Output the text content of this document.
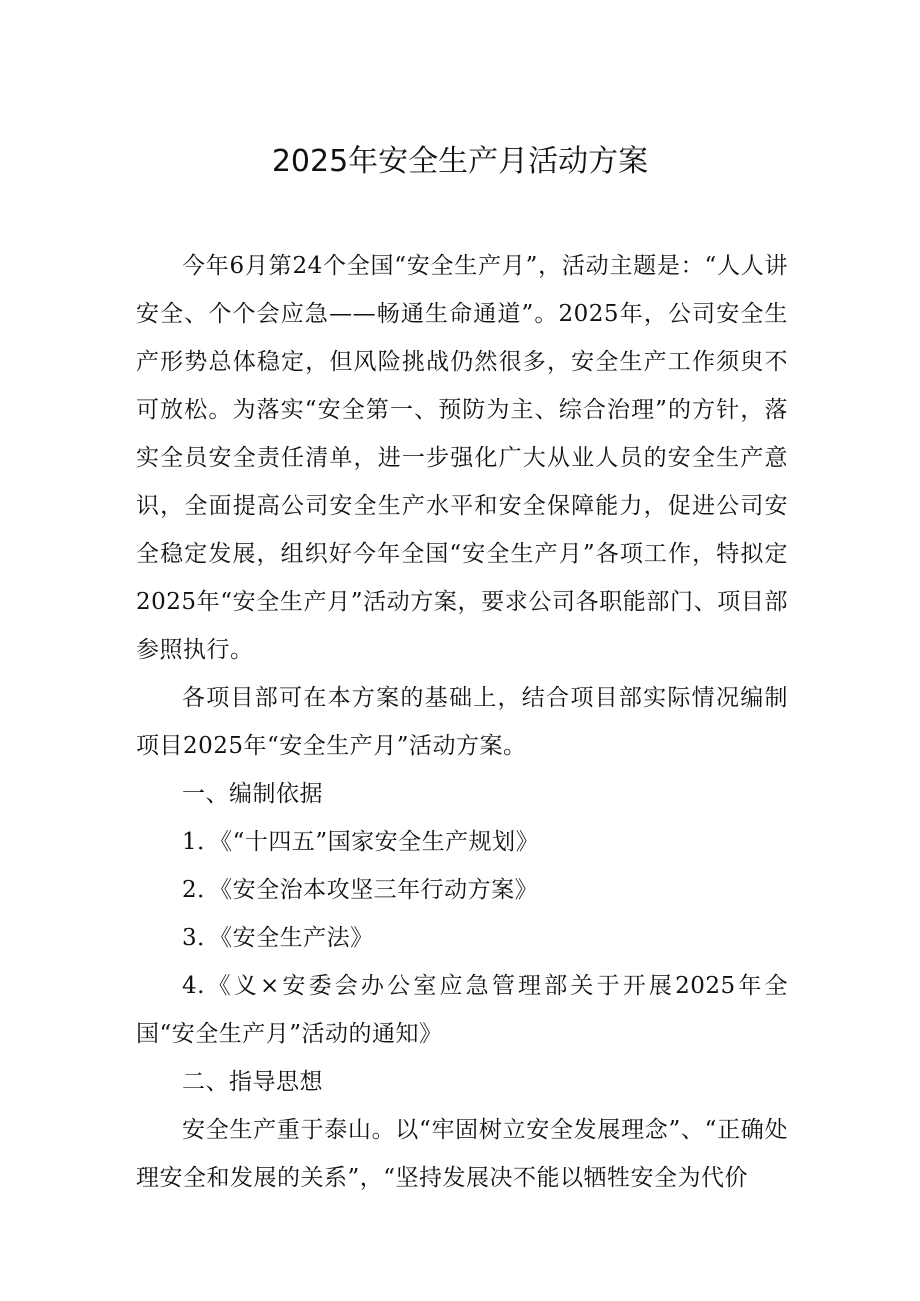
2025年安全生产月活动方案

今年6月第24个全国“安全生产月”，活动主题是：“人人讲安全、个个会应急——畅通生命通道”。2025年，公司安全生产形势总体稳定，但风险挑战仍然很多，安全生产工作须臾不可放松。为落实“安全第一、预防为主、综合治理”的方针，落实全员安全责任清单，进一步强化广大从业人员的安全生产意识，全面提高公司安全生产水平和安全保障能力，促进公司安全稳定发展，组织好今年全国“安全生产月”各项工作，特拟定2025年“安全生产月”活动方案，要求公司各职能部门、项目部参照执行。

各项目部可在本方案的基础上，结合项目部实际情况编制项目2025年“安全生产月”活动方案。

一、编制依据

1．《“十四五”国家安全生产规划》

2．《安全治本攻坚三年行动方案》

3．《安全生产法》

4.《义×安委会办公室应急管理部关于开展2025年全国“安全生产月”活动的通知》

二、指导思想

安全生产重于泰山。以“牢固树立安全发展理念”、“正确处理安全和发展的关系”，“坚持发展决不能以牺牲安全为代价
